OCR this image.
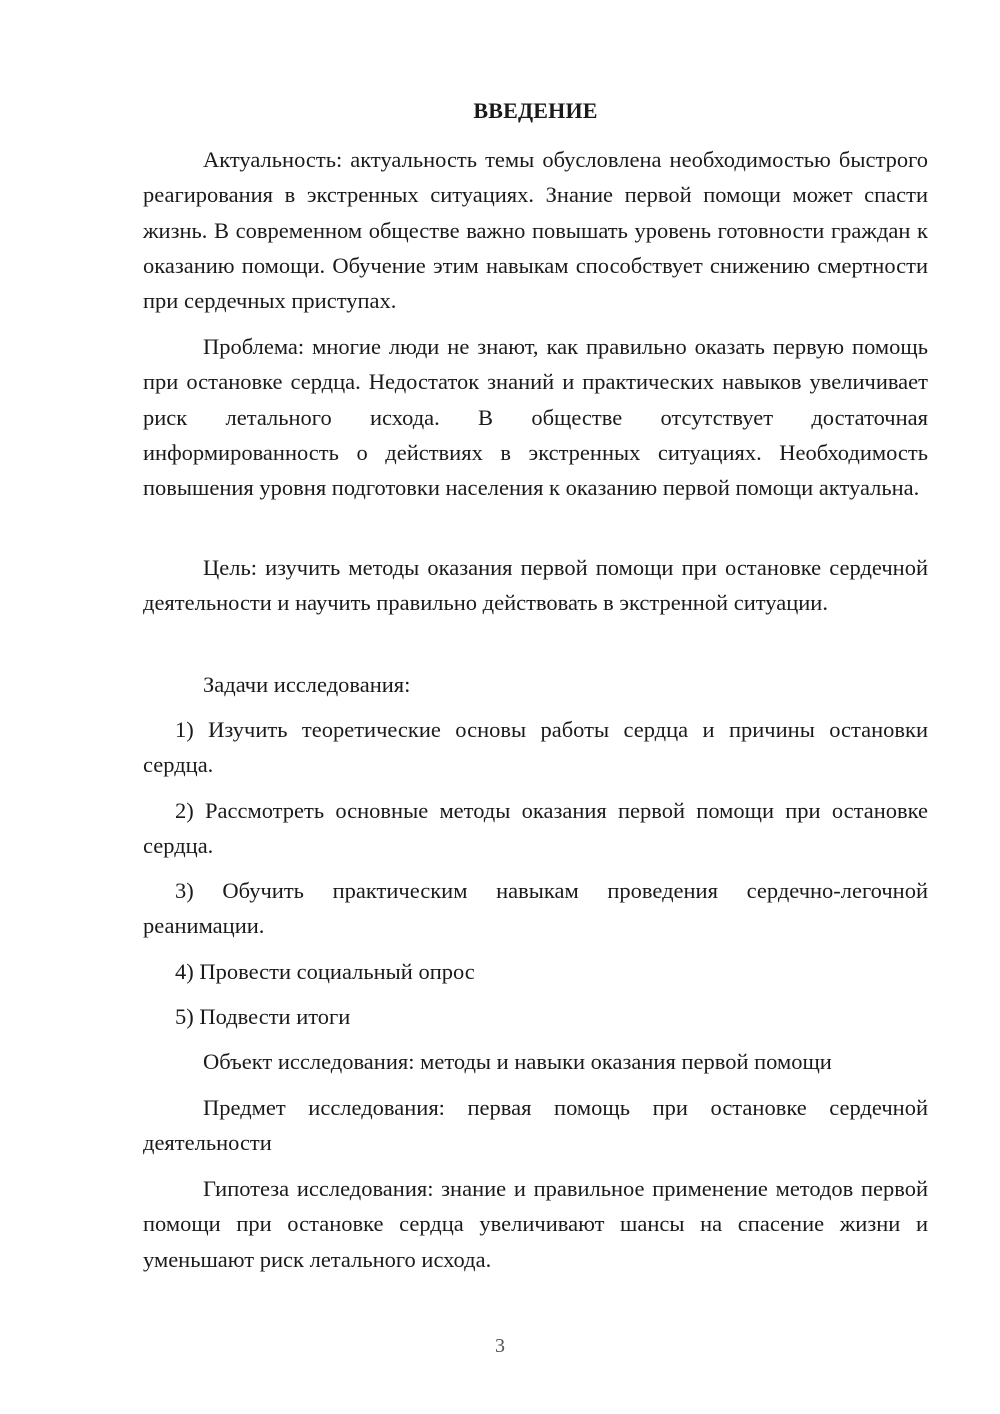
ВВЕДЕНИЕ

Актуальность: актуальность темы обусловлена необходимостью быстрого реагирования в экстренных ситуациях. Знание первой помощи может спасти жизнь. В современном обществе важно повышать уровень готовности граждан к оказанию помощи. Обучение этим навыкам способствует снижению смертности при сердечных приступах.

Проблема: многие люди не знают, как правильно оказать первую помощь при остановке сердца. Недостаток знаний и практических навыков увеличивает риск летального исхода. В обществе отсутствует достаточная информированность о действиях в экстренных ситуациях. Необходимость повышения уровня подготовки населения к оказанию первой помощи актуальна.

Цель: изучить методы оказания первой помощи при остановке сердечной деятельности и научить правильно действовать в экстренной ситуации.

Задачи исследования:

1) Изучить теоретические основы работы сердца и причины остановки сердца.

2) Рассмотреть основные методы оказания первой помощи при остановке сердца.

3) Обучить практическим навыкам проведения сердечно-легочной реанимации.

4) Провести социальный опрос

5) Подвести итоги

Объект исследования: методы и навыки оказания первой помощи

Предмет исследования: первая помощь при остановке сердечной деятельности

Гипотеза исследования: знание и правильное применение методов первой помощи при остановке сердца увеличивают шансы на спасение жизни и уменьшают риск летального исхода.

3
